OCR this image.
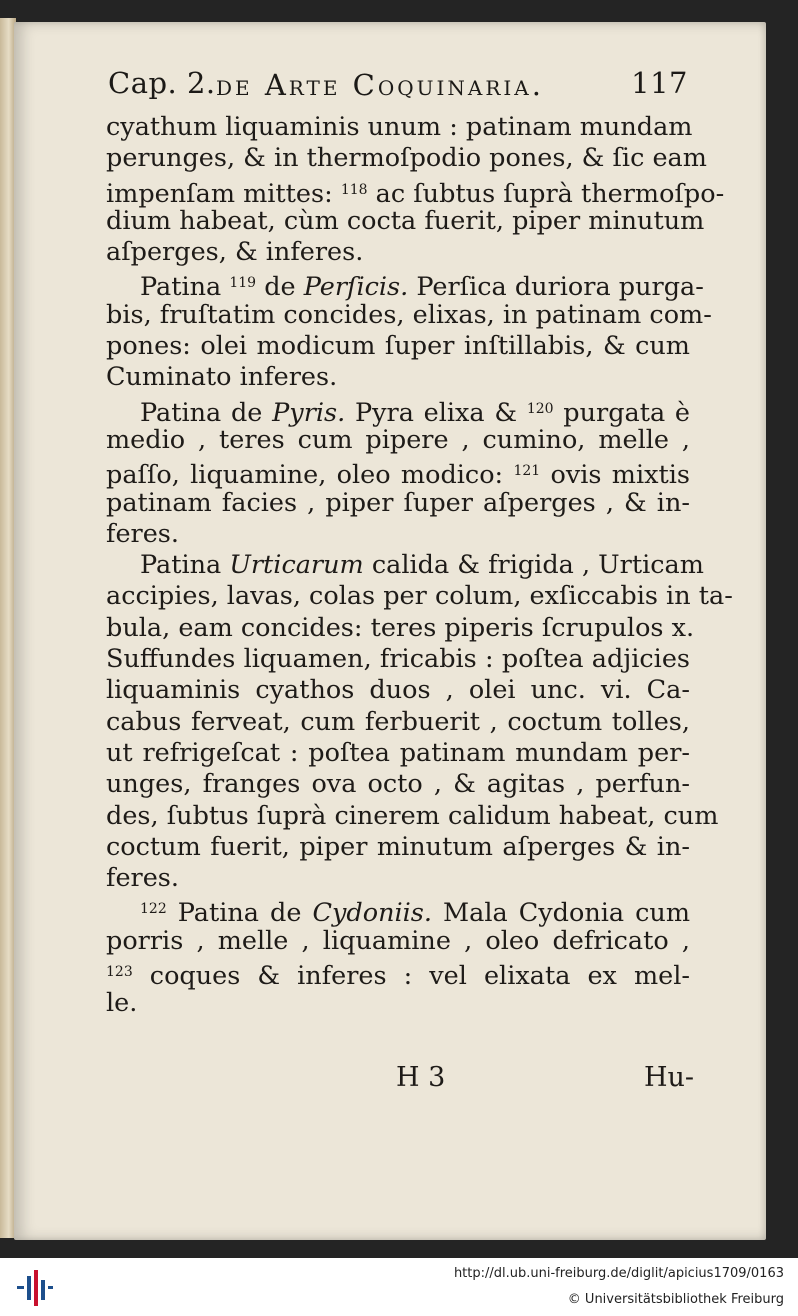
Cap. 2. de Arte Coquinaria.	117
cyathum liquaminis unum : patinam mundam
perunges, & in thermoſpodio pones, & ſic eam
impenſam mittes: $^{118}$ ac ſubtus ſuprà thermoſpo-
dium habeat, cùm cocta fuerit, piper minutum
aſperges, & inferes.
Patina $^{119}$ de Perſicis. Perſica duriora purga-
bis, fruſtatim concides, elixas, in patinam com-
pones: olei modicum ſuper inſtillabis, & cum
Cuminato inferes.
Patina de Pyris. Pyra elixa & $^{120}$ purgata è
medio , teres cum pipere , cumino, melle ,
paſſo, liquamine, oleo modico: $^{121}$ ovis mixtis
patinam facies , piper ſuper aſperges , & in-
feres.
Patina Urticarum calida & frigida , Urticam
accipies, lavas, colas per colum, exſiccabis in ta-
bula, eam concides: teres piperis ſcrupulos x.
Suffundes liquamen, fricabis : poſtea adjicies
liquaminis cyathos duos , olei unc. vi. Ca-
cabus ferveat, cum ferbuerit , coctum tolles,
ut refrigeſcat : poſtea patinam mundam per-
unges, franges ova octo , & agitas , perfun-
des, ſubtus ſuprà cinerem calidum habeat, cum
coctum fuerit, piper minutum aſperges & in-
feres.
$^{122}$ Patina de Cydoniis. Mala Cydonia cum
porris , melle , liquamine , oleo defricato ,
$^{123}$ coques & inferes : vel elixata ex mel-
le.
H 3	Hu-
http://dl.ub.uni-freiburg.de/diglit/apicius1709/0163
© Universitätsbibliothek Freiburg
